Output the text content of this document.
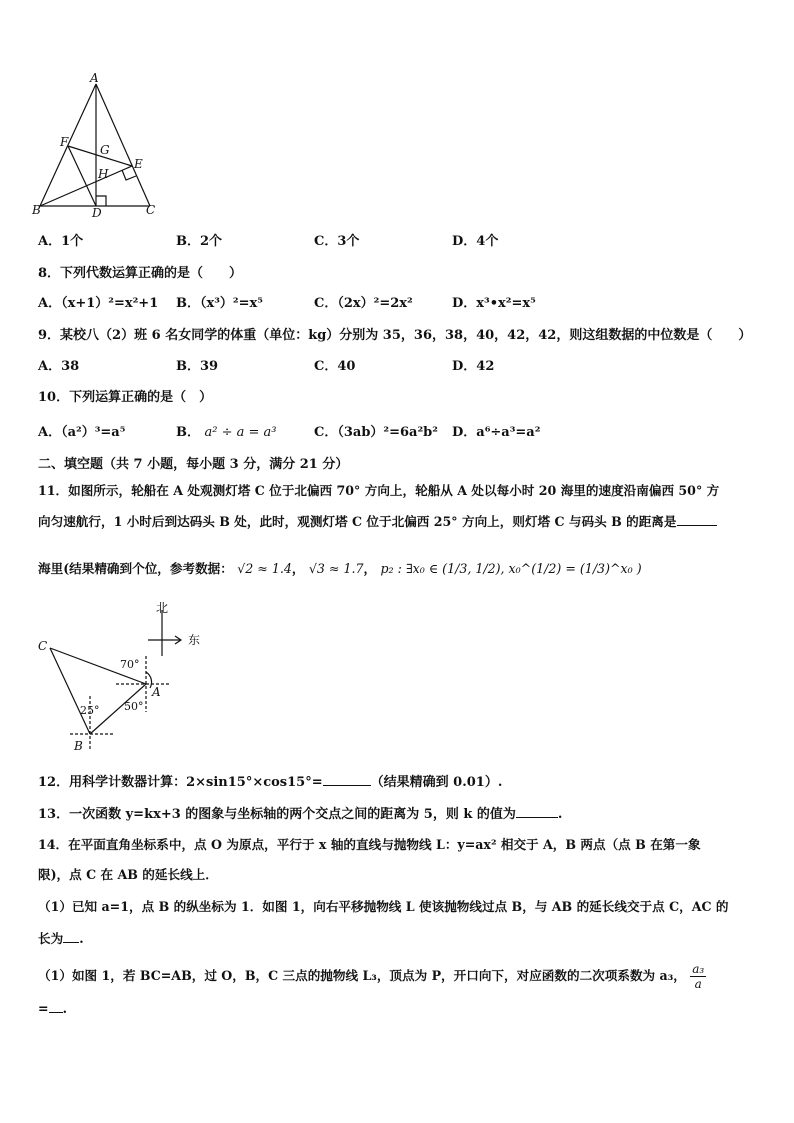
A
F
G
E
H
B	D	C
A．1个	B．2个	C．3个	D．4个
8．下列代数运算正确的是（　　）
A．（x+1）²=x²+1 B．（x³）²=x⁵	C．（2x）²=2x²	D．x³•x²=x⁵
9．某校八（2）班 6 名女同学的体重（单位：kg）分别为 35，36，38，40，42，42，则这组数据的中位数是（　　）
A．38	B．39	C．40	D．42
10．下列运算正确的是（　）
A．（a²）³=a⁵	B． a² ÷ a = a³	C．（3ab）²=6a²b² D．a⁶÷a³=a²
二、填空题（共 7 小题，每小题 3 分，满分 21 分）
11．如图所示，轮船在 A 处观测灯塔 C 位于北偏西 70° 方向上，轮船从 A 处以每小时 20 海里的速度沿南偏西 50° 方
向匀速航行，1 小时后到达码头 B 处，此时，观测灯塔 C 位于北偏西 25° 方向上，则灯塔 C 与码头 B 的距离是
海里(结果精确到个位，参考数据： √2 ≈ 1.4， √3 ≈ 1.7， p₂ : ∃x₀ ∈ (1/3, 1/2), x₀^(1/2) = (1/3)^x₀ )
北
东
70°
25° 50°
C
A
B
12．用科学计数器计算：2×sin15°×cos15°=	（结果精确到 0.01）.
13．一次函数 y=kx+3 的图象与坐标轴的两个交点之间的距离为 5，则 k 的值为	.
14．在平面直角坐标系中，点 O 为原点，平行于 x 轴的直线与抛物线 L：y=ax² 相交于 A，B 两点（点 B 在第一象
限)，点 C 在 AB 的延长线上．
（1）已知 a=1，点 B 的纵坐标为 1．如图 1，向右平移抛物线 L 使该抛物线过点 B，与 AB 的延长线交于点 C，AC 的
长为 .
（1）如图 1，若 BC=AB，过 O，B，C 三点的抛物线 L₃，顶点为 P，开口向下，对应函数的二次项系数为 a₃， $\frac{\text{a₃}}{a}$
= .
